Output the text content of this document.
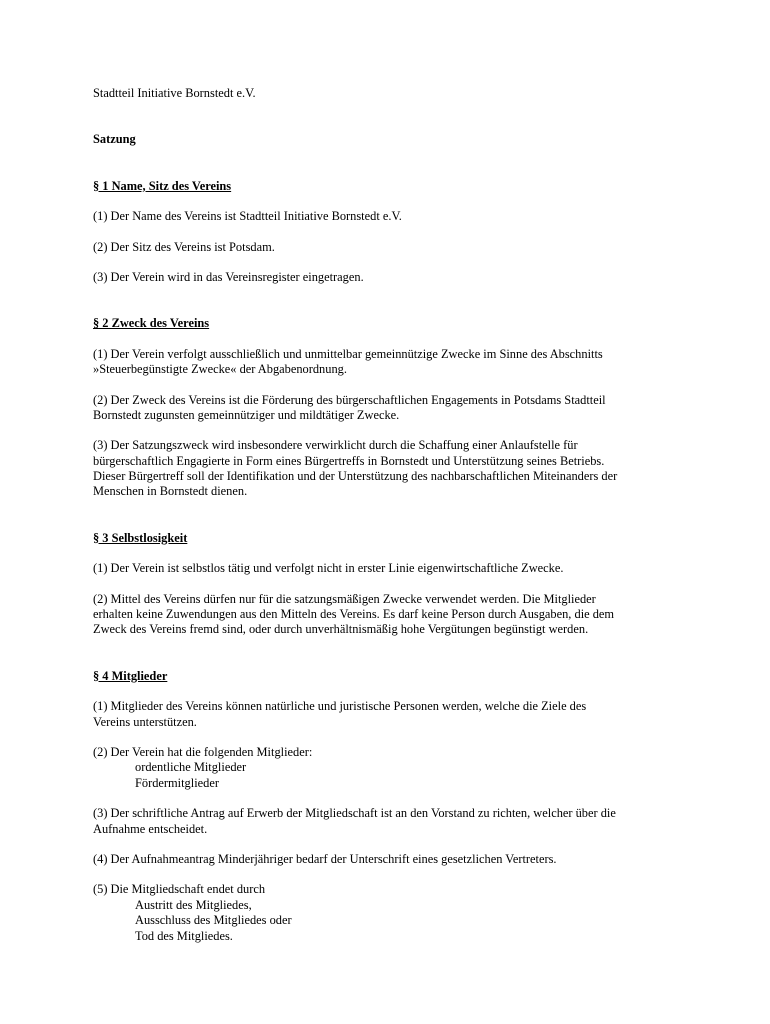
Stadtteil Initiative Bornstedt e.V.
Satzung
§ 1 Name, Sitz des Vereins
(1) Der Name des Vereins ist Stadtteil Initiative Bornstedt e.V.
(2) Der Sitz des Vereins ist Potsdam.
(3) Der Verein wird in das Vereinsregister eingetragen.
§ 2 Zweck des Vereins
(1) Der Verein verfolgt ausschließlich und unmittelbar gemeinnützige Zwecke im Sinne des Abschnitts
»Steuerbegünstigte Zwecke« der Abgabenordnung.
(2) Der Zweck des Vereins ist die Förderung des bürgerschaftlichen Engagements in Potsdams Stadtteil
Bornstedt zugunsten gemeinnütziger und mildtätiger Zwecke.
(3) Der Satzungszweck wird insbesondere verwirklicht durch die Schaffung einer Anlaufstelle für
bürgerschaftlich Engagierte in Form eines Bürgertreffs in Bornstedt und Unterstützung seines Betriebs.
Dieser Bürgertreff soll der Identifikation und der Unterstützung des nachbarschaftlichen Miteinanders der
Menschen in Bornstedt dienen.
§ 3 Selbstlosigkeit
(1) Der Verein ist selbstlos tätig und verfolgt nicht in erster Linie eigenwirtschaftliche Zwecke.
(2) Mittel des Vereins dürfen nur für die satzungsmäßigen Zwecke verwendet werden. Die Mitglieder
erhalten keine Zuwendungen aus den Mitteln des Vereins. Es darf keine Person durch Ausgaben, die dem
Zweck des Vereins fremd sind, oder durch unverhältnismäßig hohe Vergütungen begünstigt werden.
§ 4 Mitglieder
(1) Mitglieder des Vereins können natürliche und juristische Personen werden, welche die Ziele des
Vereins unterstützen.
(2) Der Verein hat die folgenden Mitglieder:
ordentliche Mitglieder
Fördermitglieder
(3) Der schriftliche Antrag auf Erwerb der Mitgliedschaft ist an den Vorstand zu richten, welcher über die
Aufnahme entscheidet.
(4) Der Aufnahmeantrag Minderjähriger bedarf der Unterschrift eines gesetzlichen Vertreters.
(5) Die Mitgliedschaft endet durch
Austritt des Mitgliedes,
Ausschluss des Mitgliedes oder
Tod des Mitgliedes.
